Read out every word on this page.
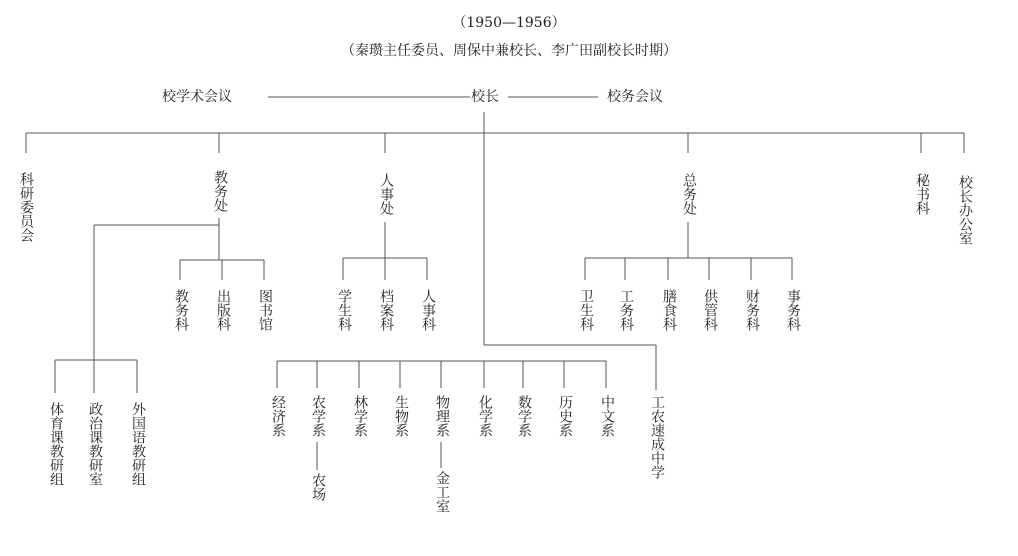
（1950—1956）
（秦瓒主任委员、周保中兼校长、李广田副校长时期）
校学术会议	校长	校务会议
科研委员会	教务处	人事处	总务处	秘书科 校长办公室
教务科 出版科 图书馆
体育课教研组 政治课教研室 外国语教研组
学生科 档案科 人事科	卫生科 工务科 膳食科 供管科 财务科 事务科
经济系 农学系 林学系 生物系 物理系 化学系 数学系 历史系 中文系 工农速成中学
农场	金工室
